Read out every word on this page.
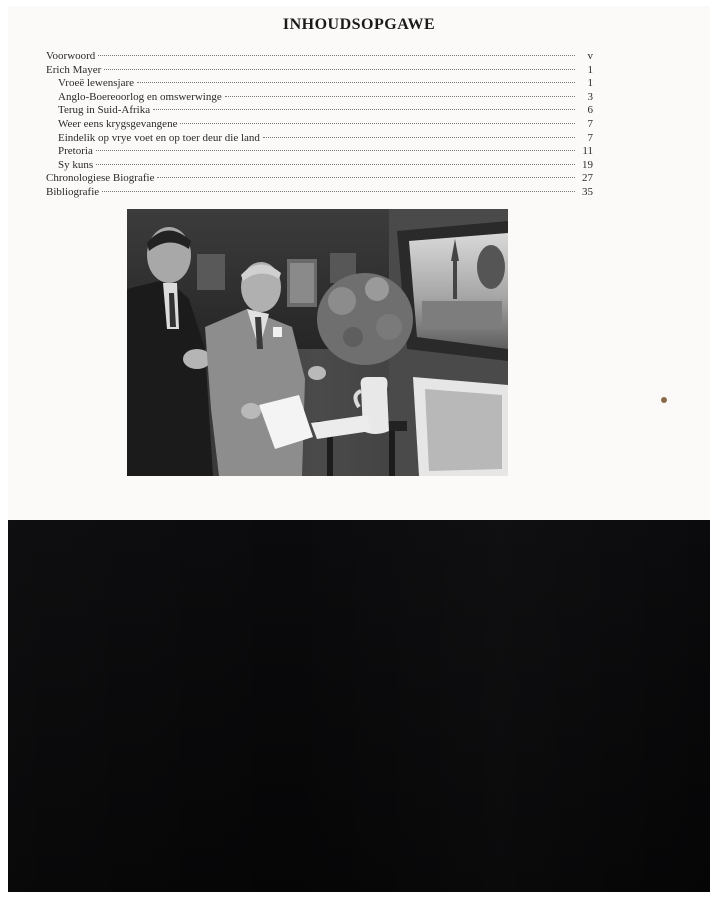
INHOUDSOPGAWE
Voorwoord	v
Erich Mayer	1
Vroeë lewensjare	1
Anglo-Boereoorlog en omswerwinge	3
Terug in Suid-Afrika	6
Weer eens krygsgevangene	7
Eindelik op vrye voet en op toer deur die land	7
Pretoria	11
Sy kuns	19
Chronologiese Biografie	27
Bibliografie	35
